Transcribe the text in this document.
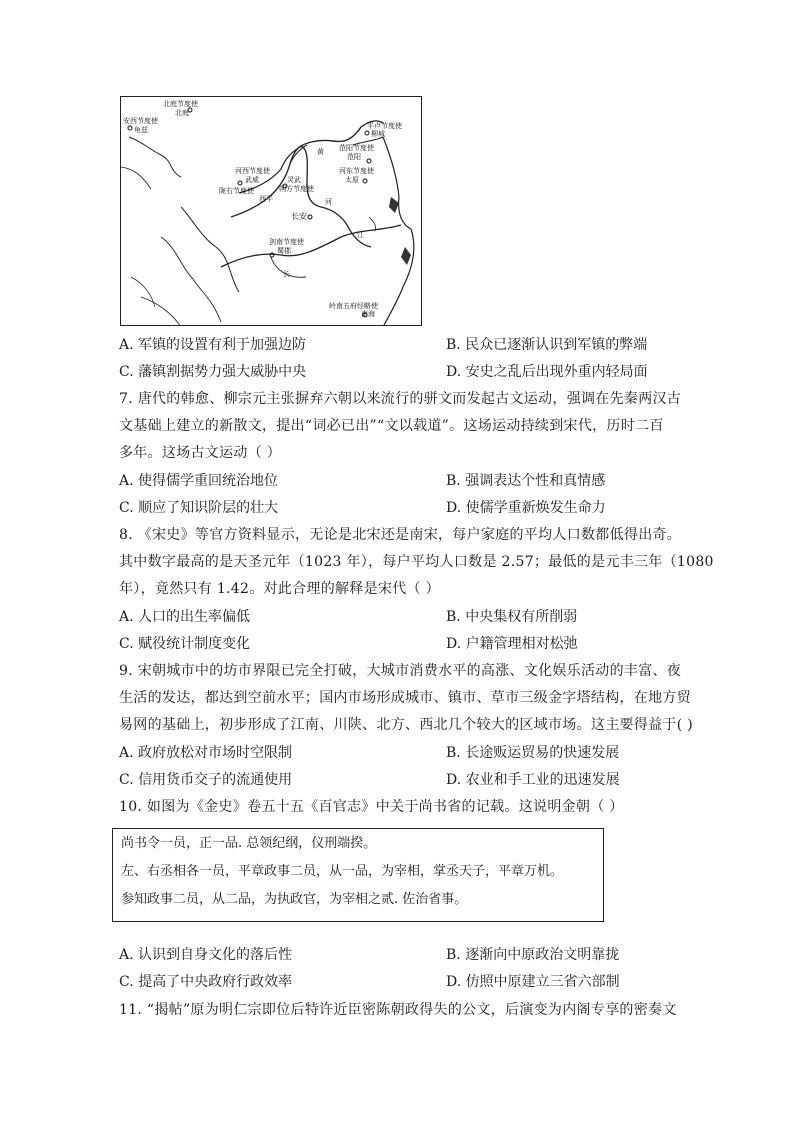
北庭节度使
北庭
安西节度使
龟兹	平卢节度使
柳城
范阳节度使
范阳
河东节度使
太原
河西节度使
武威	灵武
朔方节度使
陇右节度使
西平
黄
河
长安
剑南节度使
蜀郡
江
长
岭南五府经略使
南海
A. 军镇的设置有利于加强边防	B. 民众已逐渐认识到军镇的弊端
C. 藩镇割据势力强大威胁中央	D. 安史之乱后出现外重内轻局面
7. 唐代的韩愈、柳宗元主张摒弃六朝以来流行的骈文而发起古文运动，强调在先秦两汉古
文基础上建立的新散文，提出“词必已出”“文以载道”。这场运动持续到宋代，历时二百
多年。这场古文运动（ ）
A. 使得儒学重回统治地位	B. 强调表达个性和真情感
C. 顺应了知识阶层的壮大	D. 使儒学重新焕发生命力
8. 《宋史》等官方资料显示，无论是北宋还是南宋，每户家庭的平均人口数都低得出奇。
其中数字最高的是天圣元年（1023 年），每户平均人口数是 2.57；最低的是元丰三年（1080
年），竟然只有 1.42。对此合理的解释是宋代（ ）
A. 人口的出生率偏低	B. 中央集权有所削弱
C. 赋役统计制度变化	D. 户籍管理相对松弛
9. 宋朝城市中的坊市界限已完全打破，大城市消费水平的高涨、文化娱乐活动的丰富、夜
生活的发达，都达到空前水平；国内市场形成城市、镇市、草市三级金字塔结构，在地方贸
易网的基础上，初步形成了江南、川陕、北方、西北几个较大的区域市场。这主要得益于( )
A. 政府放松对市场时空限制	B. 长途贩运贸易的快速发展
C. 信用货币交子的流通使用	D. 农业和手工业的迅速发展
10. 如图为《金史》卷五十五《百官志》中关于尚书省的记载。这说明金朝（ ）
尚书令一员，正一品. 总领纪纲，仪刑端揆。
左、右丞相各一员，平章政事二员，从一品，为宰相，掌丞天子，平章万机。
参知政事二员，从二品，为执政官，为宰相之贰. 佐治省事。
A. 认识到自身文化的落后性	B. 逐渐向中原政治文明靠拢
C. 提高了中央政府行政效率	D. 仿照中原建立三省六部制
11. “揭帖”原为明仁宗即位后特许近臣密陈朝政得失的公文，后演变为内阁专享的密奏文
